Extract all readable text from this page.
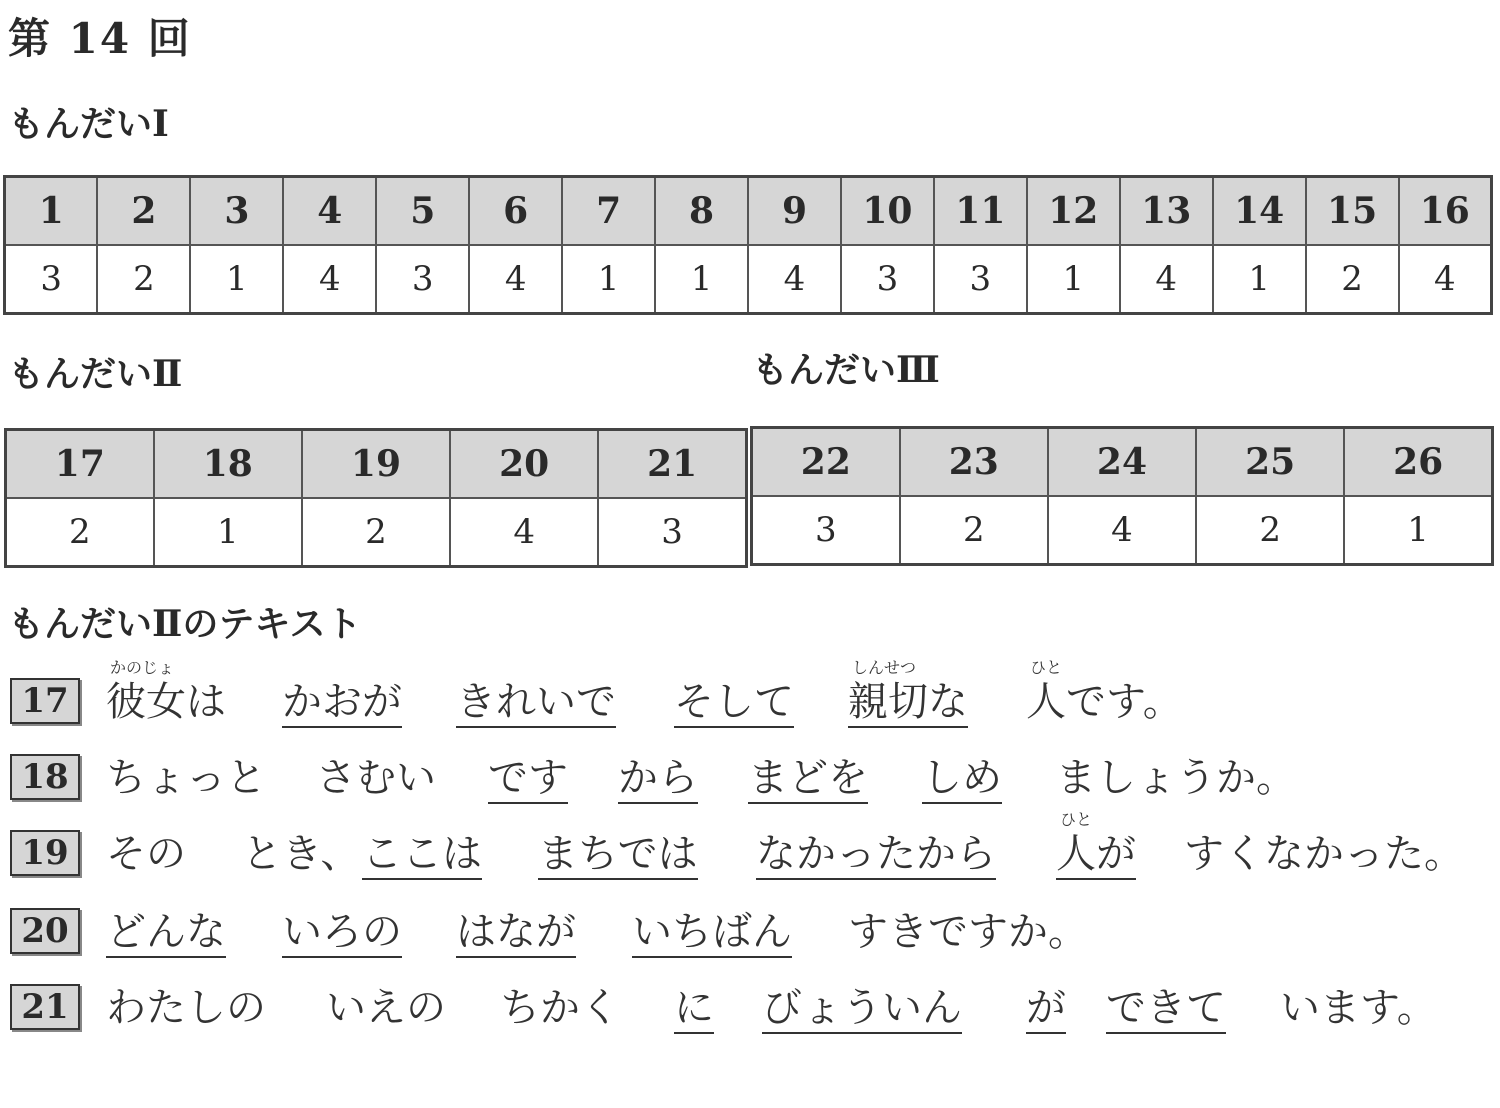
第 14 回
もんだいⅠ
1	2	3	4	5	6	7	8	9	10	11	12	13	14	15	16
3	2	1	4	3	4	1	1	4	3	3	1	4	1	2	4
もんだいⅡ	もんだいⅢ
17	18	19	20	21
2	1	2	4	3
22	23	24	25	26
3	2	4	2	1
もんだいⅡのテキスト
17 彼女は
かのじょ
かおが きれいで そして 親切な
しんせつ
人です。
ひと
18 ちょっと さむい です から まどを しめ ましょうか。
19 その とき、 ここは まちでは なかったから 人が
ひと
すくなかった。
20 どんな いろの はなが いちばん すきですか。
21 わたしの いえの ちかく に びょういん が できて います。
